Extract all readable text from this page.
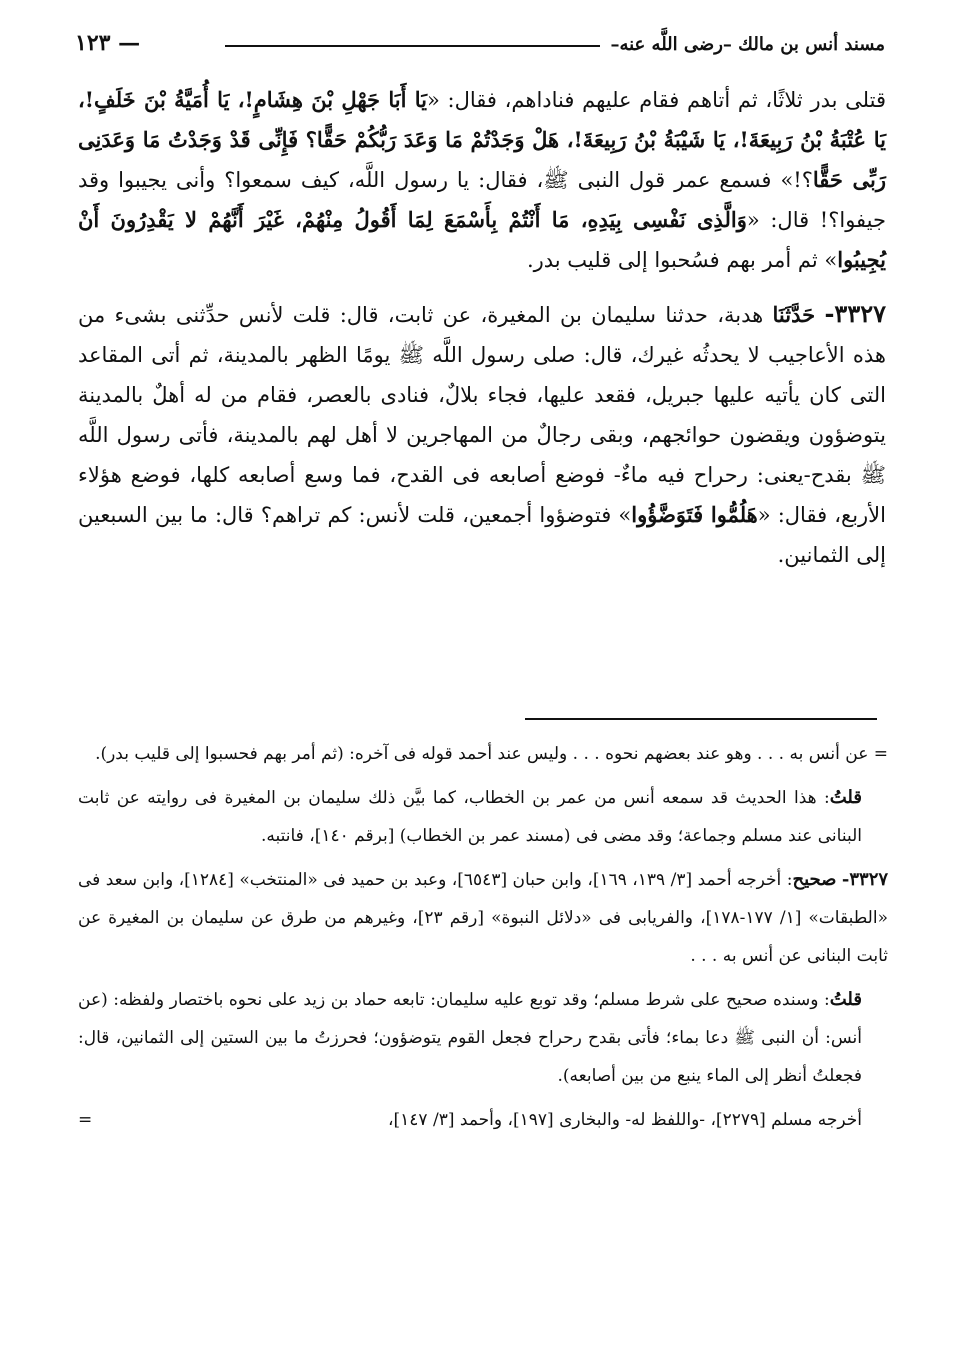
مسند أنس بن مالك –رضى اللَّه عنه–
— ١٢٣

قتلى بدر ثلاثًا، ثم أتاهم فقام عليهم فناداهم، فقال: «يَا أَبَا جَهْلِ بْنَ هِشَامٍ!، يَا أُمَيَّةُ بْنَ خَلَفٍ!، يَا عُتْبَةُ بْنُ رَبِيعَةَ!، يَا شَيْبَةُ بْنُ رَبِيعَةَ!، هَلْ وَجَدْتُمْ مَا وَعَدَ رَبُّكُمْ حَقًّا؟ فَإِنِّى قَدْ وَجَدْتُ مَا وَعَدَنِى رَبِّى حَقًّا؟!» فسمع عمر قول النبى ﷺ، فقال: يا رسول اللَّه، كيف سمعوا؟ وأنى يجيبوا وقد جيفوا؟! قال: «وَالَّذِى نَفْسِى بِيَدِهِ، مَا أَنْتُمْ بِأَسْمَعَ لِمَا أَقُولُ مِنْهُمْ، غَيْرَ أَنَّهُمْ لا يَقْدِرُونَ أَنْ يُجِيبُوا» ثم أمر بهم فسُحبوا إلى قليب بدر.

٣٣٢٧- حَدَّثَنَا هدبة، حدثنا سليمان بن المغيرة، عن ثابت، قال: قلت لأنس حدِّثنى بشىء من هذه الأعاجيب لا يحدثُه غيرك، قال: صلى رسول اللَّه ﷺ يومًا الظهر بالمدينة، ثم أتى المقاعد التى كان يأتيه عليها جبريل، فقعد عليها، فجاء بلالٌ، فنادى بالعصر، فقام من له أهلٌ بالمدينة يتوضؤون ويقضون حوائجهم، وبقى رجالٌ من المهاجرين لا أهل لهم بالمدينة، فأتى رسول اللَّه ﷺ بقدح-يعنى: رحراح فيه ماءٌ- فوضع أصابعه فى القدح، فما وسع أصابعه كلها، فوضع هؤلاء الأربع، فقال: «هَلُمُّوا فَتَوَضَّؤُوا» فتوضؤوا أجمعين، قلت لأنس: كم تراهم؟ قال: ما بين السبعين إلى الثمانين.

= عن أنس به . . . وهو عند بعضهم نحوه . . . وليس عند أحمد قوله فى آخره: (ثم أمر بهم فحسبوا إلى قليب بدر).

قلتُ: هذا الحديث قد سمعه أنس من عمر بن الخطاب، كما بيَّن ذلك سليمان بن المغيرة فى روايته عن ثابت البنانى عند مسلم وجماعة؛ وقد مضى فى (مسند عمر بن الخطاب) [برقم ١٤٠]، فانتبه.

٣٣٢٧- صحيح: أخرجه أحمد [٣/ ١٣٩، ١٦٩]، وابن حبان [٦٥٤٣]، وعبد بن حميد فى «المنتخب» [١٢٨٤]، وابن سعد فى «الطبقات» [١/ ١٧٧-١٧٨]، والفريابى فى «دلائل النبوة» [رقم ٢٣]، وغيرهم من طرق عن سليمان بن المغيرة عن ثابت البنانى عن أنس به . . .

قلتُ: وسنده صحيح على شرط مسلم؛ وقد توبع عليه سليمان: تابعه حماد بن زيد على نحوه باختصار ولفظه: (عن أنس: أن النبى ﷺ دعا بماء؛ فأتى بقدح رحراح فجعل القوم يتوضؤون؛ فحرزتُ ما بين الستين إلى الثمانين، قال: فجعلتُ أنظر إلى الماء ينبع من بين أصابعه).

أخرجه مسلم [٢٢٧٩]، -واللفظ له- والبخارى [١٩٧]، وأحمد [٣/ ١٤٧]،
=
